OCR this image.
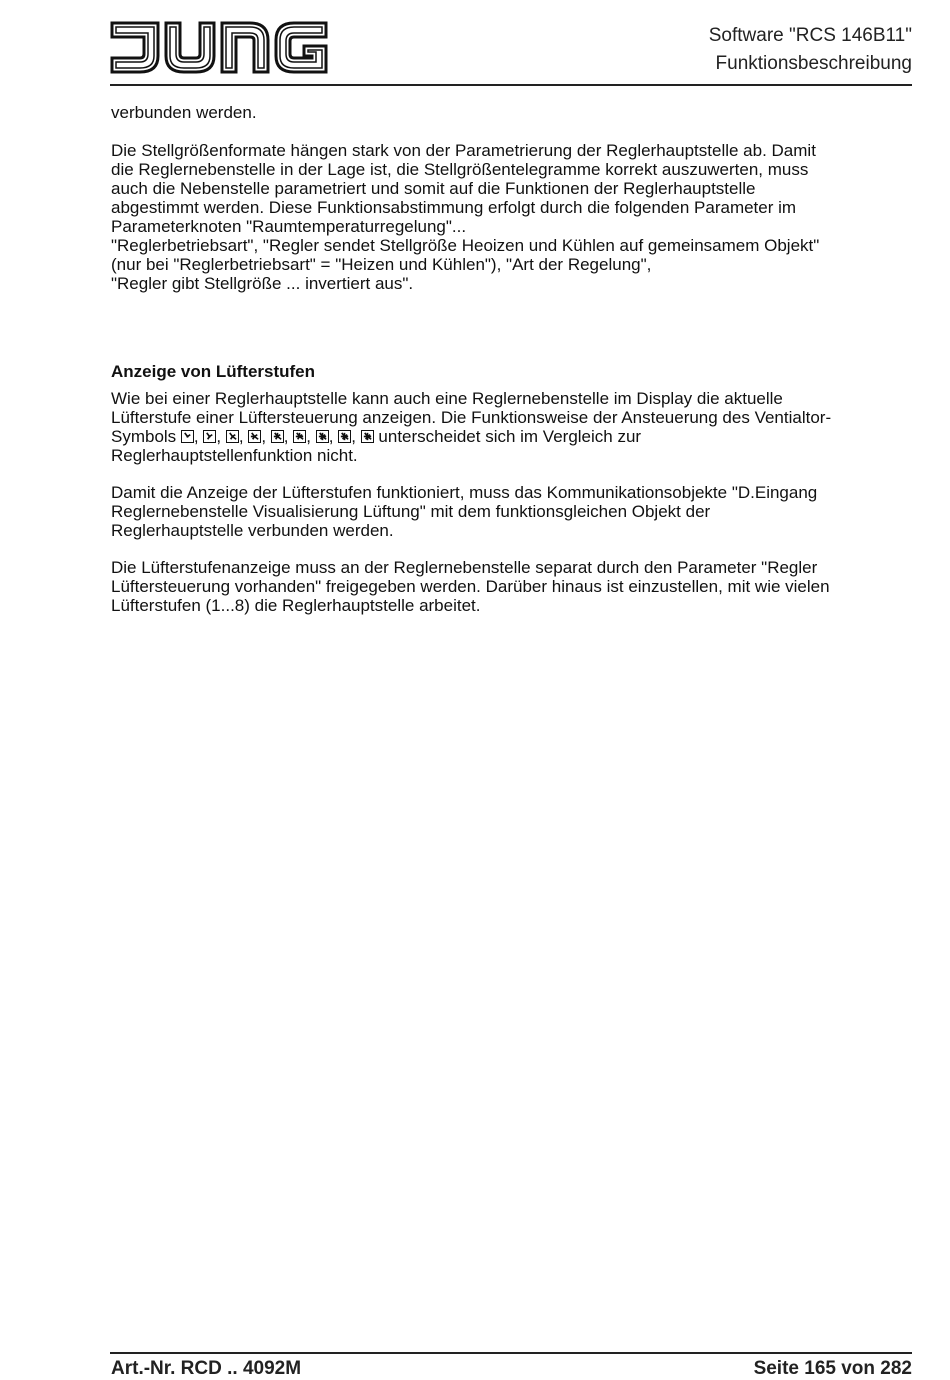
Software "RCS 146B11"
Funktionsbeschreibung
verbunden werden.
Die Stellgrößenformate hängen stark von der Parametrierung der Reglerhauptstelle ab. Damit
die Reglernebenstelle in der Lage ist, die Stellgrößentelegramme korrekt auszuwerten, muss
auch die Nebenstelle parametriert und somit auf die Funktionen der Reglerhauptstelle
abgestimmt werden. Diese Funktionsabstimmung erfolgt durch die folgenden Parameter im
Parameterknoten "Raumtemperaturregelung"...
"Reglerbetriebsart", "Regler sendet Stellgröße Heoizen und Kühlen auf gemeinsamem Objekt"
(nur bei "Reglerbetriebsart" = "Heizen und Kühlen"), "Art der Regelung",
"Regler gibt Stellgröße ... invertiert aus".
Anzeige von Lüfterstufen
Wie bei einer Reglerhauptstelle kann auch eine Reglernebenstelle im Display die aktuelle
Lüfterstufe einer Lüftersteuerung anzeigen. Die Funktionsweise der Ansteuerung des Ventialtor-
Symbols , , , , , , , , unterscheidet sich im Vergleich zur
Reglerhauptstellenfunktion nicht.
Damit die Anzeige der Lüfterstufen funktioniert, muss das Kommunikationsobjekte "D.Eingang
Reglernebenstelle Visualisierung Lüftung" mit dem funktionsgleichen Objekt der
Reglerhauptstelle verbunden werden.
Die Lüfterstufenanzeige muss an der Reglernebenstelle separat durch den Parameter "Regler
Lüftersteuerung vorhanden" freigegeben werden. Darüber hinaus ist einzustellen, mit wie vielen
Lüfterstufen (1...8) die Reglerhauptstelle arbeitet.
Art.-Nr. RCD .. 4092M	Seite 165 von 282
